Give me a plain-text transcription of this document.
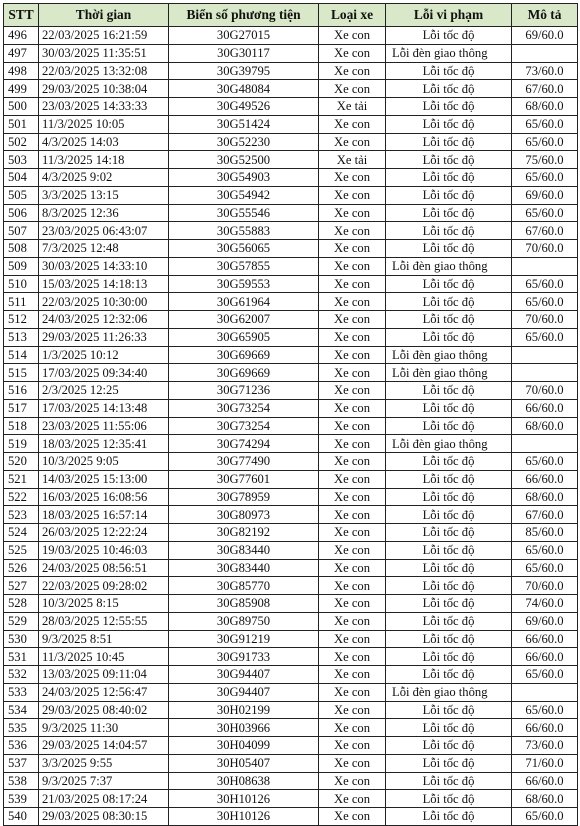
STT	Thời gian	Biển số phương tiện	Loại xe	Lỗi vi phạm	Mô tả
496	22/03/2025 16:21:59	30G27015	Xe con	Lỗi tốc độ	69/60.0
497	30/03/2025 11:35:51	30G30117	Xe con	Lỗi đèn giao thông	
498	22/03/2025 13:32:08	30G39795	Xe con	Lỗi tốc độ	73/60.0
499	29/03/2025 10:38:04	30G48084	Xe con	Lỗi tốc độ	67/60.0
500	23/03/2025 14:33:33	30G49526	Xe tải	Lỗi tốc độ	68/60.0
501	11/3/2025 10:05	30G51424	Xe con	Lỗi tốc độ	65/60.0
502	4/3/2025 14:03	30G52230	Xe con	Lỗi tốc độ	65/60.0
503	11/3/2025 14:18	30G52500	Xe tải	Lỗi tốc độ	75/60.0
504	4/3/2025 9:02	30G54903	Xe con	Lỗi tốc độ	65/60.0
505	3/3/2025 13:15	30G54942	Xe con	Lỗi tốc độ	69/60.0
506	8/3/2025 12:36	30G55546	Xe con	Lỗi tốc độ	65/60.0
507	23/03/2025 06:43:07	30G55883	Xe con	Lỗi tốc độ	67/60.0
508	7/3/2025 12:48	30G56065	Xe con	Lỗi tốc độ	70/60.0
509	30/03/2025 14:33:10	30G57855	Xe con	Lỗi đèn giao thông	
510	15/03/2025 14:18:13	30G59553	Xe con	Lỗi tốc độ	65/60.0
511	22/03/2025 10:30:00	30G61964	Xe con	Lỗi tốc độ	65/60.0
512	24/03/2025 12:32:06	30G62007	Xe con	Lỗi tốc độ	70/60.0
513	29/03/2025 11:26:33	30G65905	Xe con	Lỗi tốc độ	65/60.0
514	1/3/2025 10:12	30G69669	Xe con	Lỗi đèn giao thông	
515	17/03/2025 09:34:40	30G69669	Xe con	Lỗi đèn giao thông	
516	2/3/2025 12:25	30G71236	Xe con	Lỗi tốc độ	70/60.0
517	17/03/2025 14:13:48	30G73254	Xe con	Lỗi tốc độ	66/60.0
518	23/03/2025 11:55:06	30G73254	Xe con	Lỗi tốc độ	68/60.0
519	18/03/2025 12:35:41	30G74294	Xe con	Lỗi đèn giao thông	
520	10/3/2025 9:05	30G77490	Xe con	Lỗi tốc độ	65/60.0
521	14/03/2025 15:13:00	30G77601	Xe con	Lỗi tốc độ	66/60.0
522	16/03/2025 16:08:56	30G78959	Xe con	Lỗi tốc độ	68/60.0
523	18/03/2025 16:57:14	30G80973	Xe con	Lỗi tốc độ	67/60.0
524	26/03/2025 12:22:24	30G82192	Xe con	Lỗi tốc độ	85/60.0
525	19/03/2025 10:46:03	30G83440	Xe con	Lỗi tốc độ	65/60.0
526	24/03/2025 08:56:51	30G83440	Xe con	Lỗi tốc độ	65/60.0
527	22/03/2025 09:28:02	30G85770	Xe con	Lỗi tốc độ	70/60.0
528	10/3/2025 8:15	30G85908	Xe con	Lỗi tốc độ	74/60.0
529	28/03/2025 12:55:55	30G89750	Xe con	Lỗi tốc độ	69/60.0
530	9/3/2025 8:51	30G91219	Xe con	Lỗi tốc độ	66/60.0
531	11/3/2025 10:45	30G91733	Xe con	Lỗi tốc độ	66/60.0
532	13/03/2025 09:11:04	30G94407	Xe con	Lỗi tốc độ	65/60.0
533	24/03/2025 12:56:47	30G94407	Xe con	Lỗi đèn giao thông	
534	29/03/2025 08:40:02	30H02199	Xe con	Lỗi tốc độ	65/60.0
535	9/3/2025 11:30	30H03966	Xe con	Lỗi tốc độ	66/60.0
536	29/03/2025 14:04:57	30H04099	Xe con	Lỗi tốc độ	73/60.0
537	3/3/2025 9:55	30H05407	Xe con	Lỗi tốc độ	71/60.0
538	9/3/2025 7:37	30H08638	Xe con	Lỗi tốc độ	66/60.0
539	21/03/2025 08:17:24	30H10126	Xe con	Lỗi tốc độ	68/60.0
540	29/03/2025 08:30:15	30H10126	Xe con	Lỗi tốc độ	65/60.0
